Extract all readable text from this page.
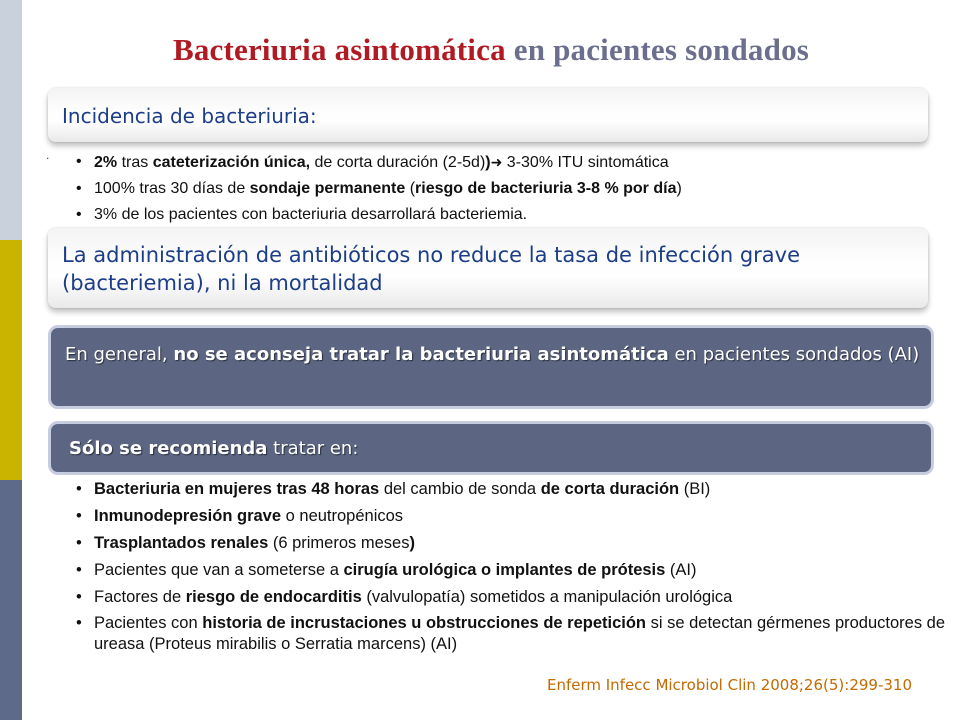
Bacteriuria asintomática en pacientes sondados
Incidencia de bacteriuria:
.
•	2% tras cateterización única, de corta duración (2-5d))➜ 3-30% ITU sintomática
• 100% tras 30 días de sondaje permanente (riesgo de bacteriuria 3-8 % por día)
• 3% de los pacientes con bacteriuria desarrollará bacteriemia.
La administración de antibióticos no reduce la tasa de infección grave (bacteriemia), ni la mortalidad
En general, no se aconseja tratar la bacteriuria asintomática en pacientes sondados (AI)
Sólo se recomienda tratar en:
• Bacteriuria en mujeres tras 48 horas del cambio de sonda de corta duración (BI)
• Inmunodepresión grave o neutropénicos
• Trasplantados renales (6 primeros meses)
• Pacientes que van a someterse a cirugía urológica o implantes de prótesis (AI)
• Factores de riesgo de endocarditis (valvulopatía) sometidos a manipulación urológica
• Pacientes con historia de incrustaciones u obstrucciones de repetición si se detectan gérmenes productores de ureasa (Proteus mirabilis o Serratia marcens) (AI)
Enferm Infecc Microbiol Clin 2008;26(5):299-310
